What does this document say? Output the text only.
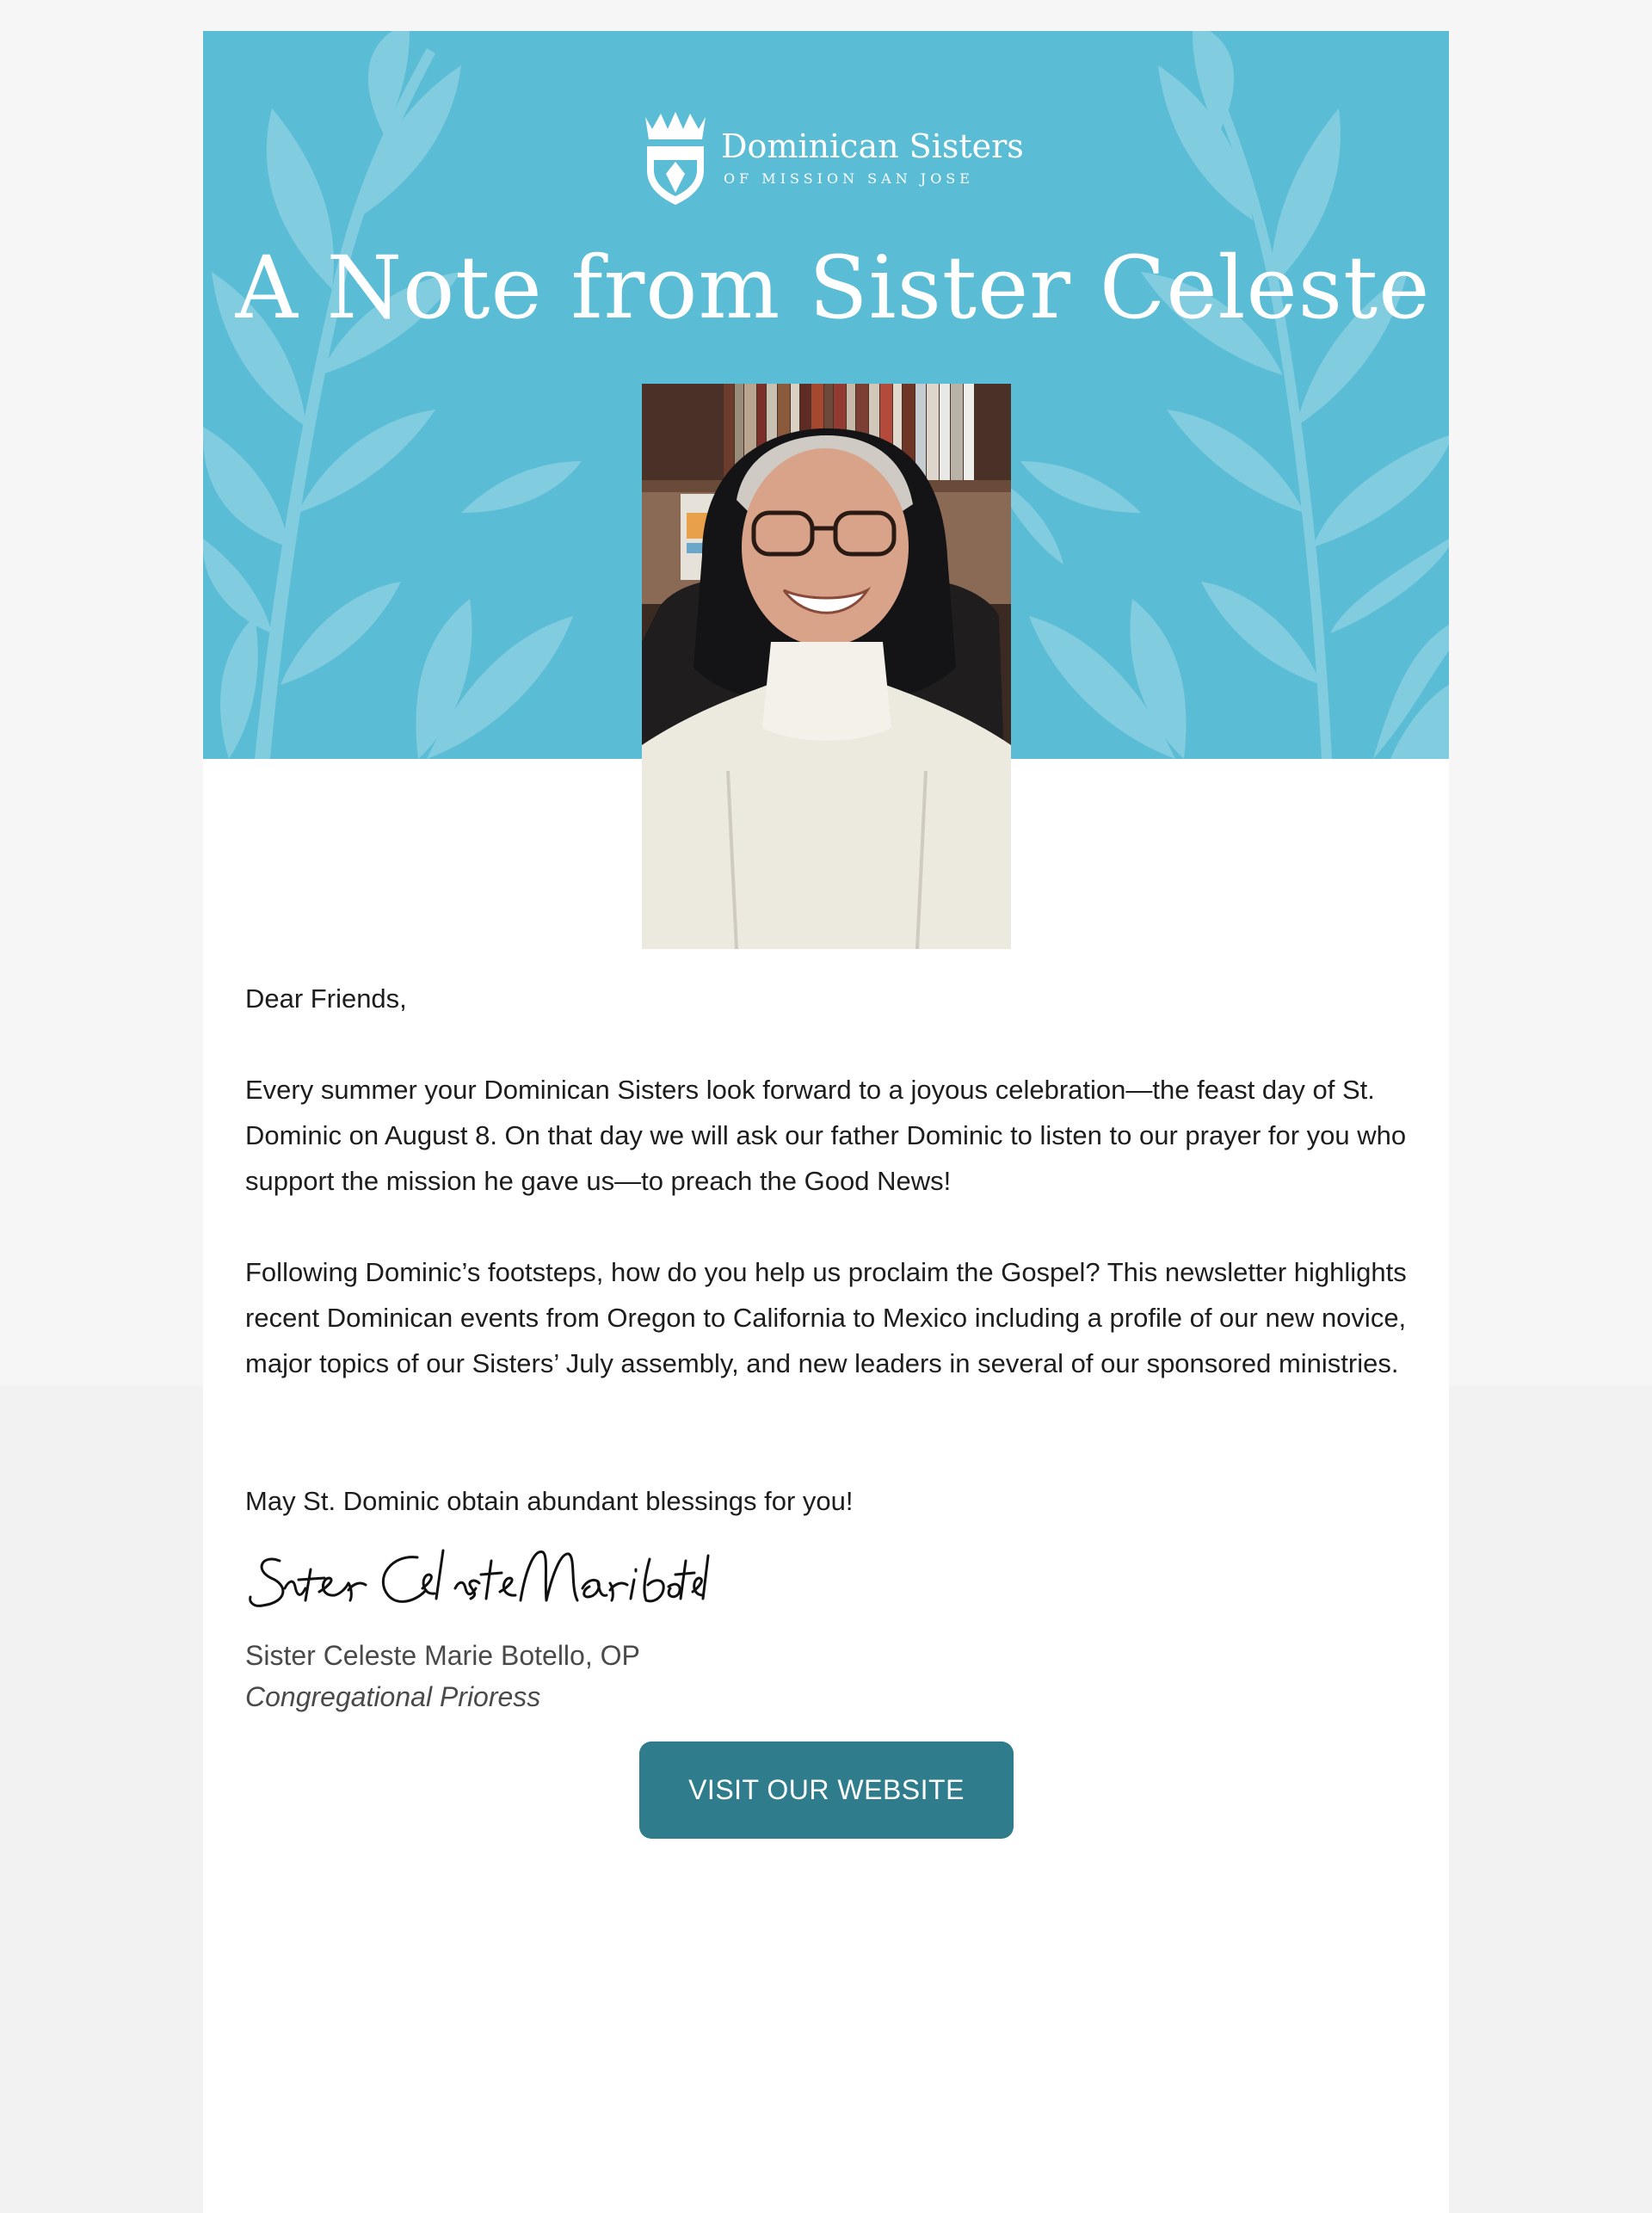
Dominican Sisters
OF MISSION SAN JOSE
A Note from Sister Celeste

Dear Friends,

Every summer your Dominican Sisters look forward to a joyous celebration—the feast day of St. Dominic on August 8. On that day we will ask our father Dominic to listen to our prayer for you who support the mission he gave us—to preach the Good News!

Following Dominic’s footsteps, how do you help us proclaim the Gospel? This newsletter highlights recent Dominican events from Oregon to California to Mexico including a profile of our new novice, major topics of our Sisters’ July assembly, and new leaders in several of our sponsored ministries.

May St. Dominic obtain abundant blessings for you!

Sister Celeste Marie Botello, OP
Congregational Prioress
VISIT OUR WEBSITE
